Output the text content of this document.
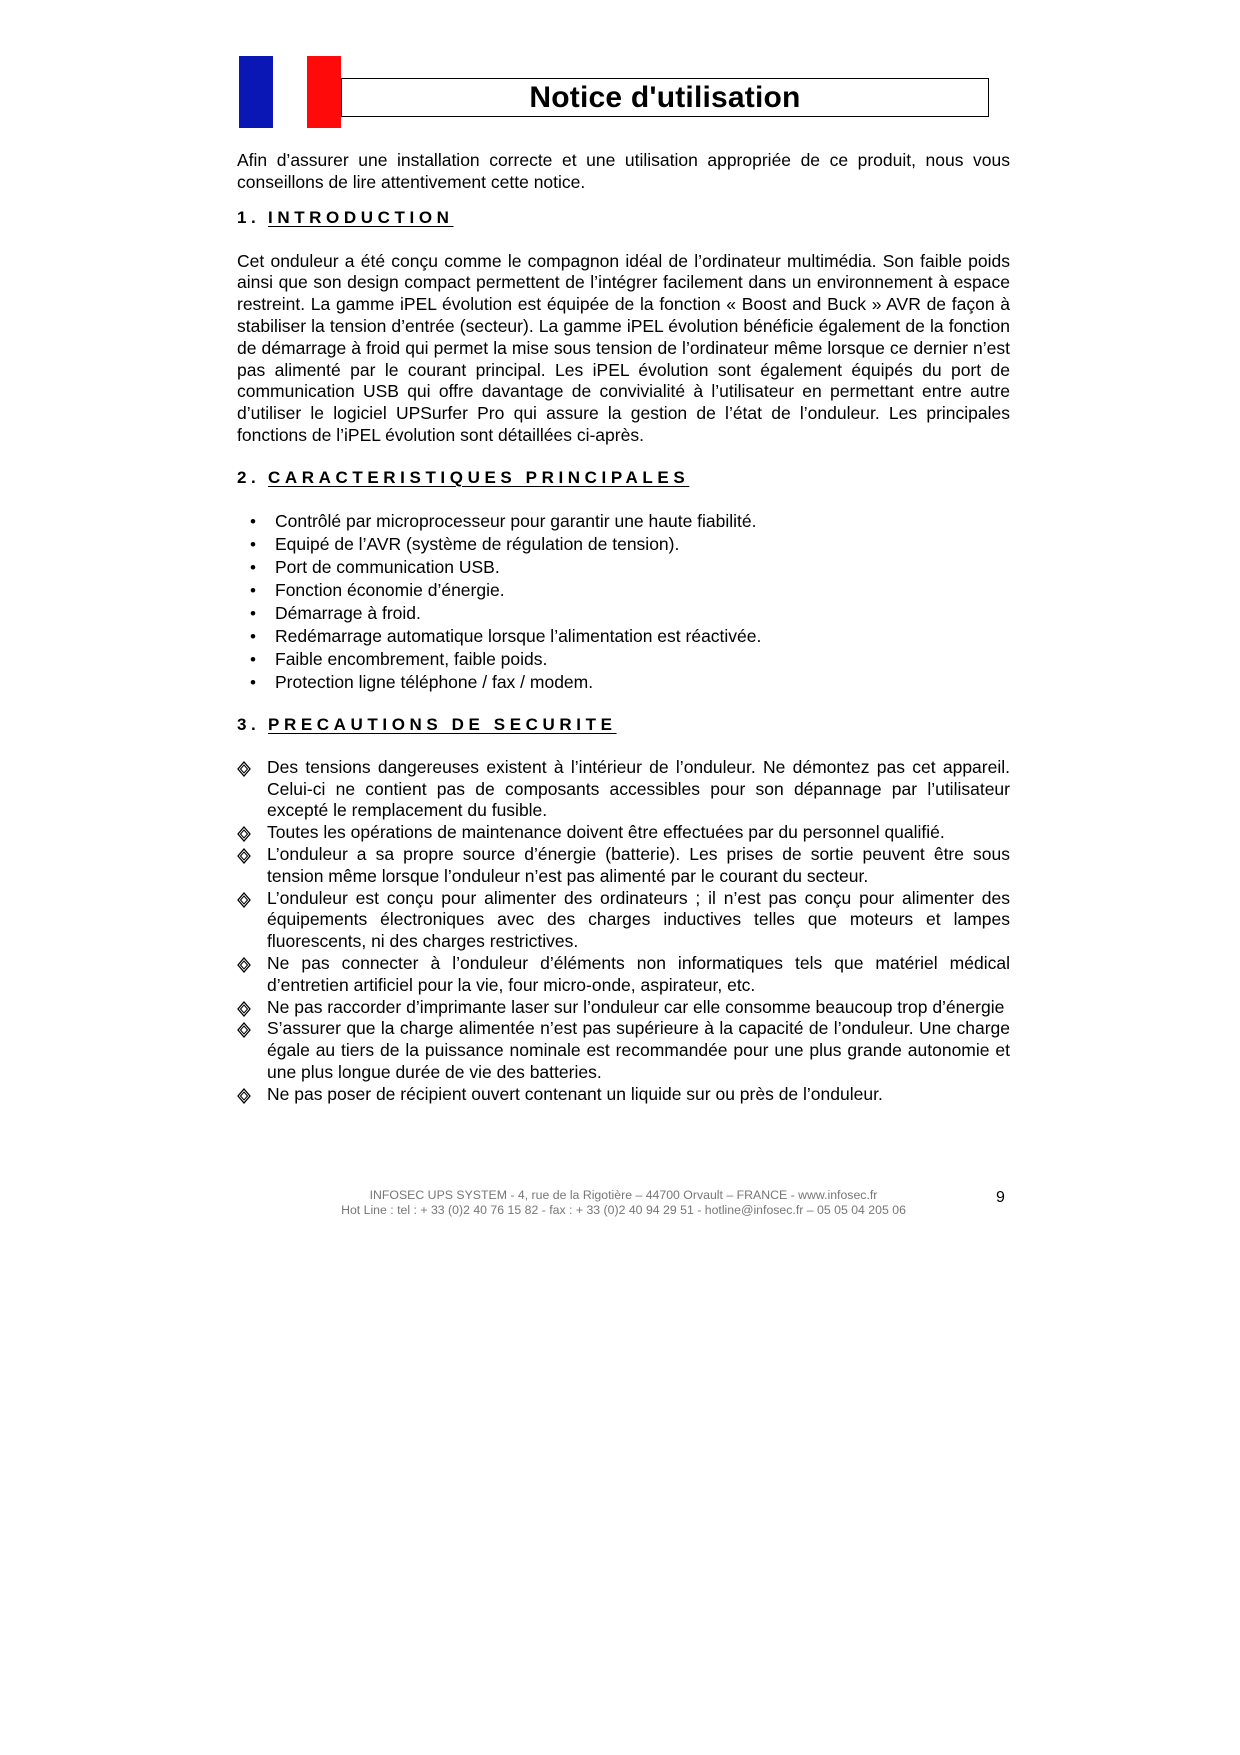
Notice d'utilisation

Afin d’assurer une installation correcte et une utilisation appropriée de ce produit, nous vous conseillons de lire attentivement cette notice.

1. INTRODUCTION

Cet onduleur a été conçu comme le compagnon idéal de l’ordinateur multimédia. Son faible poids ainsi que son design compact permettent de l’intégrer facilement dans un environnement à espace restreint. La gamme iPEL évolution est équipée de la fonction « Boost and Buck » AVR de façon à stabiliser la tension d’entrée (secteur). La gamme iPEL évolution bénéficie également de la fonction de démarrage à froid qui permet la mise sous tension de l’ordinateur même lorsque ce dernier n’est pas alimenté par le courant principal. Les iPEL évolution sont également équipés du port de communication USB qui offre davantage de convivialité à l’utilisateur en permettant entre autre d’utiliser le logiciel UPSurfer Pro qui assure la gestion de l’état de l’onduleur. Les principales fonctions de l’iPEL évolution sont détaillées ci-après.

2. CARACTERISTIQUES PRINCIPALES
• Contrôlé par microprocesseur pour garantir une haute fiabilité.
• Equipé de l’AVR (système de régulation de tension).
• Port de communication USB.
• Fonction économie d’énergie.
• Démarrage à froid.
• Redémarrage automatique lorsque l’alimentation est réactivée.
• Faible encombrement, faible poids.
• Protection ligne téléphone / fax / modem.
3. PRECAUTIONS DE SECURITE
Des tensions dangereuses existent à l’intérieur de l’onduleur. Ne démontez pas cet appareil. Celui-ci ne contient pas de composants accessibles pour son dépannage par l’utilisateur excepté le remplacement du fusible.
Toutes les opérations de maintenance doivent être effectuées par du personnel qualifié.
L’onduleur a sa propre source d’énergie (batterie). Les prises de sortie peuvent être sous tension même lorsque l’onduleur n’est pas alimenté par le courant du secteur.
L’onduleur est conçu pour alimenter des ordinateurs ; il n’est pas conçu pour alimenter des équipements électroniques avec des charges inductives telles que moteurs et lampes fluorescents, ni des charges restrictives.
Ne pas connecter à l’onduleur d’éléments non informatiques tels que matériel médical d’entretien artificiel pour la vie, four micro-onde, aspirateur, etc.
Ne pas raccorder d’imprimante laser sur l’onduleur car elle consomme beaucoup trop d’énergie
S’assurer que la charge alimentée n’est pas supérieure à la capacité de l’onduleur. Une charge égale au tiers de la puissance nominale est recommandée pour une plus grande autonomie et une plus longue durée de vie des batteries.
Ne pas poser de récipient ouvert contenant un liquide sur ou près de l’onduleur.
INFOSEC UPS SYSTEM - 4, rue de la Rigotière – 44700 Orvault – FRANCE - www.infosec.fr
Hot Line : tel : + 33 (0)2 40 76 15 82 - fax : + 33 (0)2 40 94 29 51 - hotline@infosec.fr – 05 05 04 205 06
9
